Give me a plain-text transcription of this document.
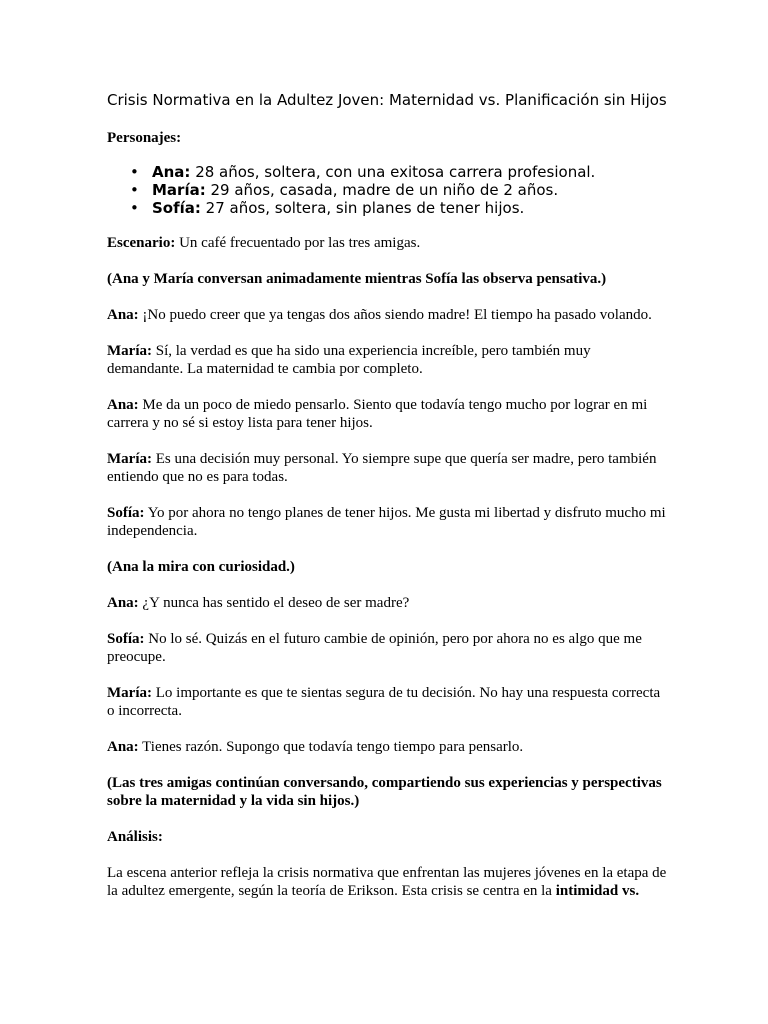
Crisis Normativa en la Adultez Joven: Maternidad vs. Planificación sin Hijos

Personajes:

• Ana: 28 años, soltera, con una exitosa carrera profesional.
• María: 29 años, casada, madre de un niño de 2 años.
• Sofía: 27 años, soltera, sin planes de tener hijos.

Escenario: Un café frecuentado por las tres amigas.

(Ana y María conversan animadamente mientras Sofía las observa pensativa.)

Ana: ¡No puedo creer que ya tengas dos años siendo madre! El tiempo ha pasado volando.

María: Sí, la verdad es que ha sido una experiencia increíble, pero también muy demandante. La maternidad te cambia por completo.

Ana: Me da un poco de miedo pensarlo. Siento que todavía tengo mucho por lograr en mi carrera y no sé si estoy lista para tener hijos.

María: Es una decisión muy personal. Yo siempre supe que quería ser madre, pero también entiendo que no es para todas.

Sofía: Yo por ahora no tengo planes de tener hijos. Me gusta mi libertad y disfruto mucho mi independencia.

(Ana la mira con curiosidad.)

Ana: ¿Y nunca has sentido el deseo de ser madre?

Sofía: No lo sé. Quizás en el futuro cambie de opinión, pero por ahora no es algo que me preocupe.

María: Lo importante es que te sientas segura de tu decisión. No hay una respuesta correcta o incorrecta.

Ana: Tienes razón. Supongo que todavía tengo tiempo para pensarlo.

(Las tres amigas continúan conversando, compartiendo sus experiencias y perspectivas sobre la maternidad y la vida sin hijos.)

Análisis:

La escena anterior refleja la crisis normativa que enfrentan las mujeres jóvenes en la etapa de la adultez emergente, según la teoría de Erikson. Esta crisis se centra en la intimidad vs.
